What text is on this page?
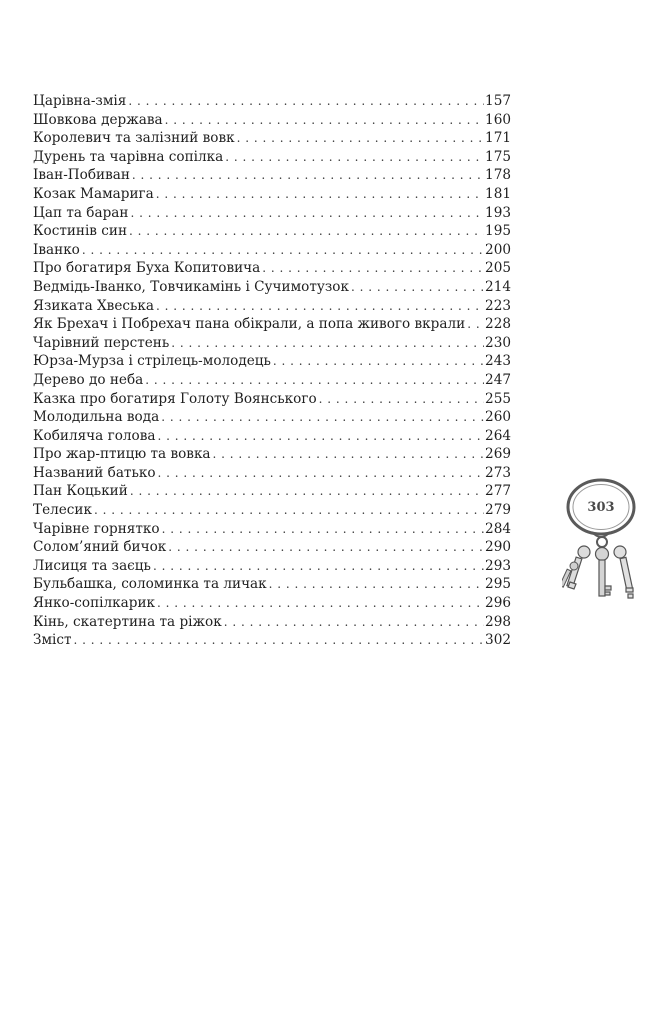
Царівна-змія . . .	157
Шовкова держава . . .	160
Королевич та залізний вовк . . .	171
Дурень та чарівна сопілка . . .	175
Іван-Побиван . . .	178
Козак Мамарига . . .	181
Цап та баран . . .	193
Костинів син . . .	195
Іванко . . .	200
Про богатиря Буха Копитовича . . .	205
Ведмідь-Іванко, Товчикамінь і Сучимотузок . . .	214
Язиката Хвеська . . .	223
Як Брехач і Побрехач пана обікрали, а попа живого вкрали . . . 228
Чарівний перстень . . .	230
Юрза-Мурза і стрілець-молодець . . .	243
Дерево до неба . . .	247
Казка про богатиря Голоту Воянського . . .	255
Молодильна вода . . .	260
Кобиляча голова . . .	264
Про жар-птицю та вовка . . .	269
Названий батько . . .	273
Пан Коцький . . .	277
Телесик . . .	279
Чарівне горнятко . . .	284
Солом’яний бичок . . .	290
Лисиця та заєць . . .	293
Бульбашка, соломинка та личак . . .	295
Янко-сопілкарик . . .	296
Кінь, скатертина та ріжок . . .	298
Зміст . . .	302
303
